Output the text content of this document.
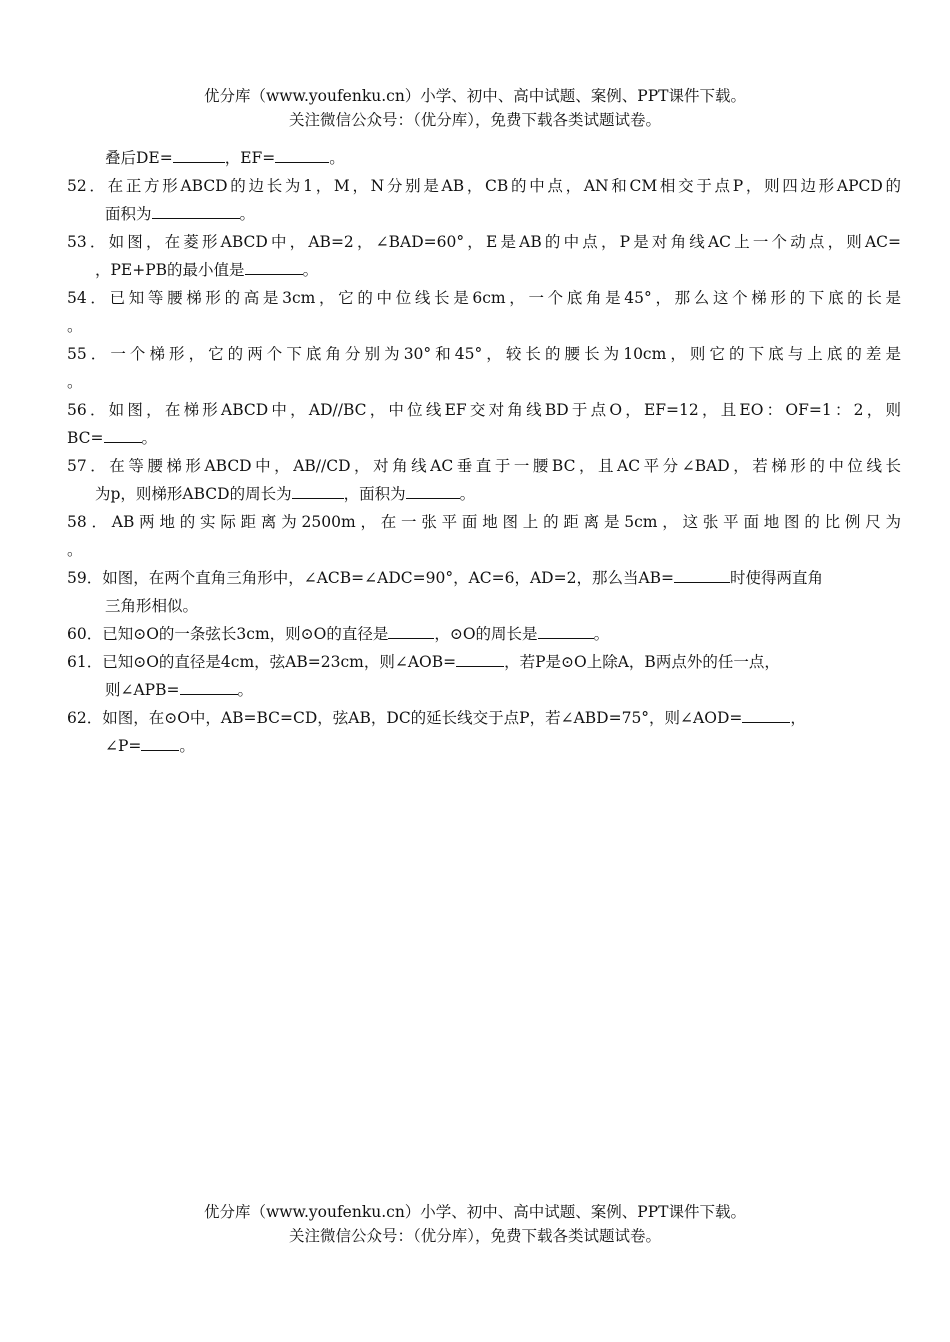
优分库（www.youfenku.cn）小学、初中、高中试题、案例、PPT课件下载。
关注微信公众号：（优分库），免费下载各类试题试卷。
叠后DE=	，EF=	。
52．在正方形ABCD的边长为1，M，N分别是AB，CB的中点，AN和CM相交于点P，则四边形APCD的
面积为	。
53．如图，在菱形ABCD中，AB=2，∠BAD=60°，E是AB的中点，P是对角线AC上一个动点，则AC=
，PE+PB的最小值是	。
54．已知等腰梯形的高是3cm，它的中位线长是6cm，一个底角是45°，那么这个梯形的下底的长是
。
55．一个梯形，它的两个下底角分别为30°和45°，较长的腰长为10cm，则它的下底与上底的差是
。
56．如图，在梯形ABCD中，AD//BC，中位线EF交对角线BD于点O，EF=12，且EO：OF=1：2，则
BC= 。
57．在等腰梯形ABCD中，AB//CD，对角线AC垂直于一腰BC，且AC平分∠BAD，若梯形的中位线长
为p，则梯形ABCD的周长为	，面积为	。
58．AB两地的实际距离为2500m，在一张平面地图上的距离是5cm，这张平面地图的比例尺为
。
59．如图，在两个直角三角形中，∠ACB=∠ADC=90°，AC=6，AD=2，那么当AB=	时使得两直角
三角形相似。
60．已知⊙O的一条弦长3cm，则⊙O的直径是	，⊙O的周长是	。
61．已知⊙O的直径是4cm，弦AB=23cm，则∠AOB=	，若P是⊙O上除A，B两点外的任一点，
则∠APB=	。
62．如图，在⊙O中，AB=BC=CD，弦AB，DC的延长线交于点P，若∠ABD=75°，则∠AOD=	，
∠P= 。
优分库（www.youfenku.cn）小学、初中、高中试题、案例、PPT课件下载。
关注微信公众号：（优分库），免费下载各类试题试卷。
